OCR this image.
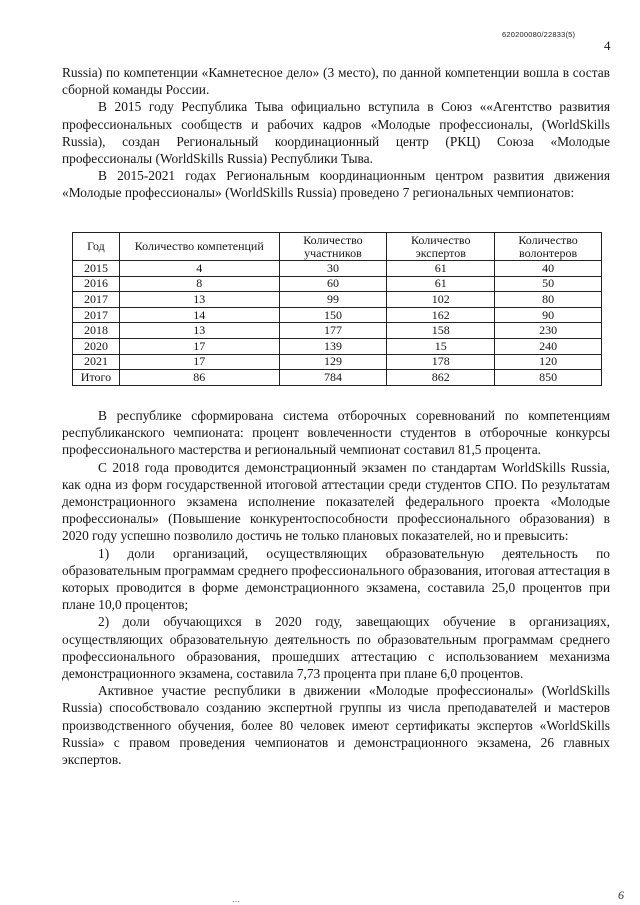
620200080/22833(5)
4

Russia) по компетенции «Камнетесное дело» (3 место), по данной компетенции вошла в состав сборной команды России.

В 2015 году Республика Тыва официально вступила в Союз ««Агентство развития профессиональных сообществ и рабочих кадров «Молодые профессионалы, (WorldSkills Russia), создан Региональный координационный центр (РКЦ) Союза «Молодые профессионалы (WorldSkills Russia) Республики Тыва.

В 2015-2021 годах Региональным координационным центром развития движения «Молодые профессионалы» (WorldSkills Russia) проведено 7 региональных чемпионатов:

Год	Количество компетенций	Количество участников	Количество экспертов	Количество волонтеров
2015	4	30	61	40
2016	8	60	61	50
2017	13	99	102	80
2017	14	150	162	90
2018	13	177	158	230
2020	17	139	15	240
2021	17	129	178	120
Итого	86	784	862	850

В республике сформирована система отборочных соревнований по компетенциям республиканского чемпионата: процент вовлеченности студентов в отборочные конкурсы профессионального мастерства и региональный чемпионат составил 81,5 процента.

С 2018 года проводится демонстрационный экзамен по стандартам WorldSkills Russia, как одна из форм государственной итоговой аттестации среди студентов СПО. По результатам демонстрационного экзамена исполнение показателей федерального проекта «Молодые профессионалы» (Повышение конкурентоспособности профессионального образования) в 2020 году успешно позволило достичь не только плановых показателей, но и превысить:

1) доли организаций, осуществляющих образовательную деятельность по образовательным программам среднего профессионального образования, итоговая аттестация в которых проводится в форме демонстрационного экзамена, составила 25,0 процентов при плане 10,0 процентов;

2) доли обучающихся в 2020 году, завещающих обучение в организациях, осуществляющих образовательную деятельность по образовательным программам среднего профессионального образования, прошедших аттестацию с использованием механизма демонстрационного экзамена, составила 7,73 процента при плане 6,0 процентов.

Активное участие республики в движении «Молодые профессионалы» (WorldSkills Russia) способствовало созданию экспертной группы из числа преподавателей и мастеров производственного обучения, более 80 человек имеют сертификаты экспертов «WorldSkills Russia» с правом проведения чемпионатов и демонстрационного экзамена, 26 главных экспертов.

6
…
